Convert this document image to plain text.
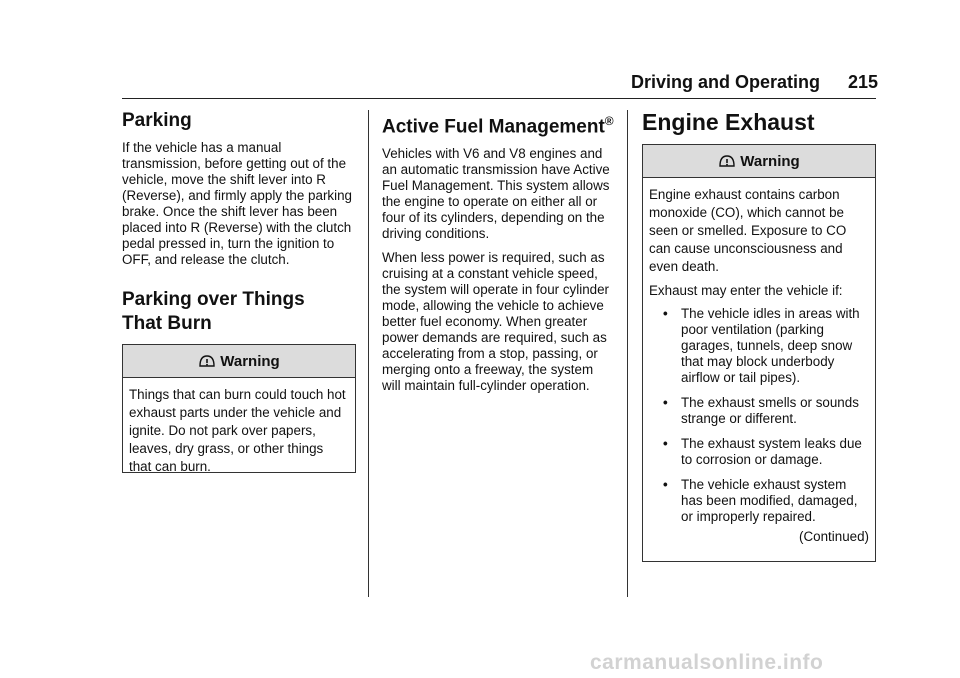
Driving and Operating	215
Parking

If the vehicle has a manual transmission, before getting out of the vehicle, move the shift lever into R (Reverse), and firmly apply the parking brake. Once the shift lever has been placed into R (Reverse) with the clutch pedal pressed in, turn the ignition to OFF, and release the clutch.

Parking over Things
That Burn
Warning
Things that can burn could touch hot exhaust parts under the vehicle and ignite. Do not park over papers, leaves, dry grass, or other things that can burn.
Active Fuel Management®

Vehicles with V6 and V8 engines and an automatic transmission have Active Fuel Management. This system allows the engine to operate on either all or four of its cylinders, depending on the driving conditions.

When less power is required, such as cruising at a constant vehicle speed, the system will operate in four cylinder mode, allowing the vehicle to achieve better fuel economy. When greater power demands are required, such as accelerating from a stop, passing, or merging onto a freeway, the system will maintain full-cylinder operation.

Engine Exhaust
Warning
Engine exhaust contains carbon monoxide (CO), which cannot be seen or smelled. Exposure to CO can cause unconsciousness and even death.
Exhaust may enter the vehicle if:
• The vehicle idles in areas with poor ventilation (parking garages, tunnels, deep snow that may block underbody airflow or tail pipes).
• The exhaust smells or sounds strange or different.
• The exhaust system leaks due to corrosion or damage.
• The vehicle exhaust system has been modified, damaged, or improperly repaired.
(Continued)
carmanualsonline.info
